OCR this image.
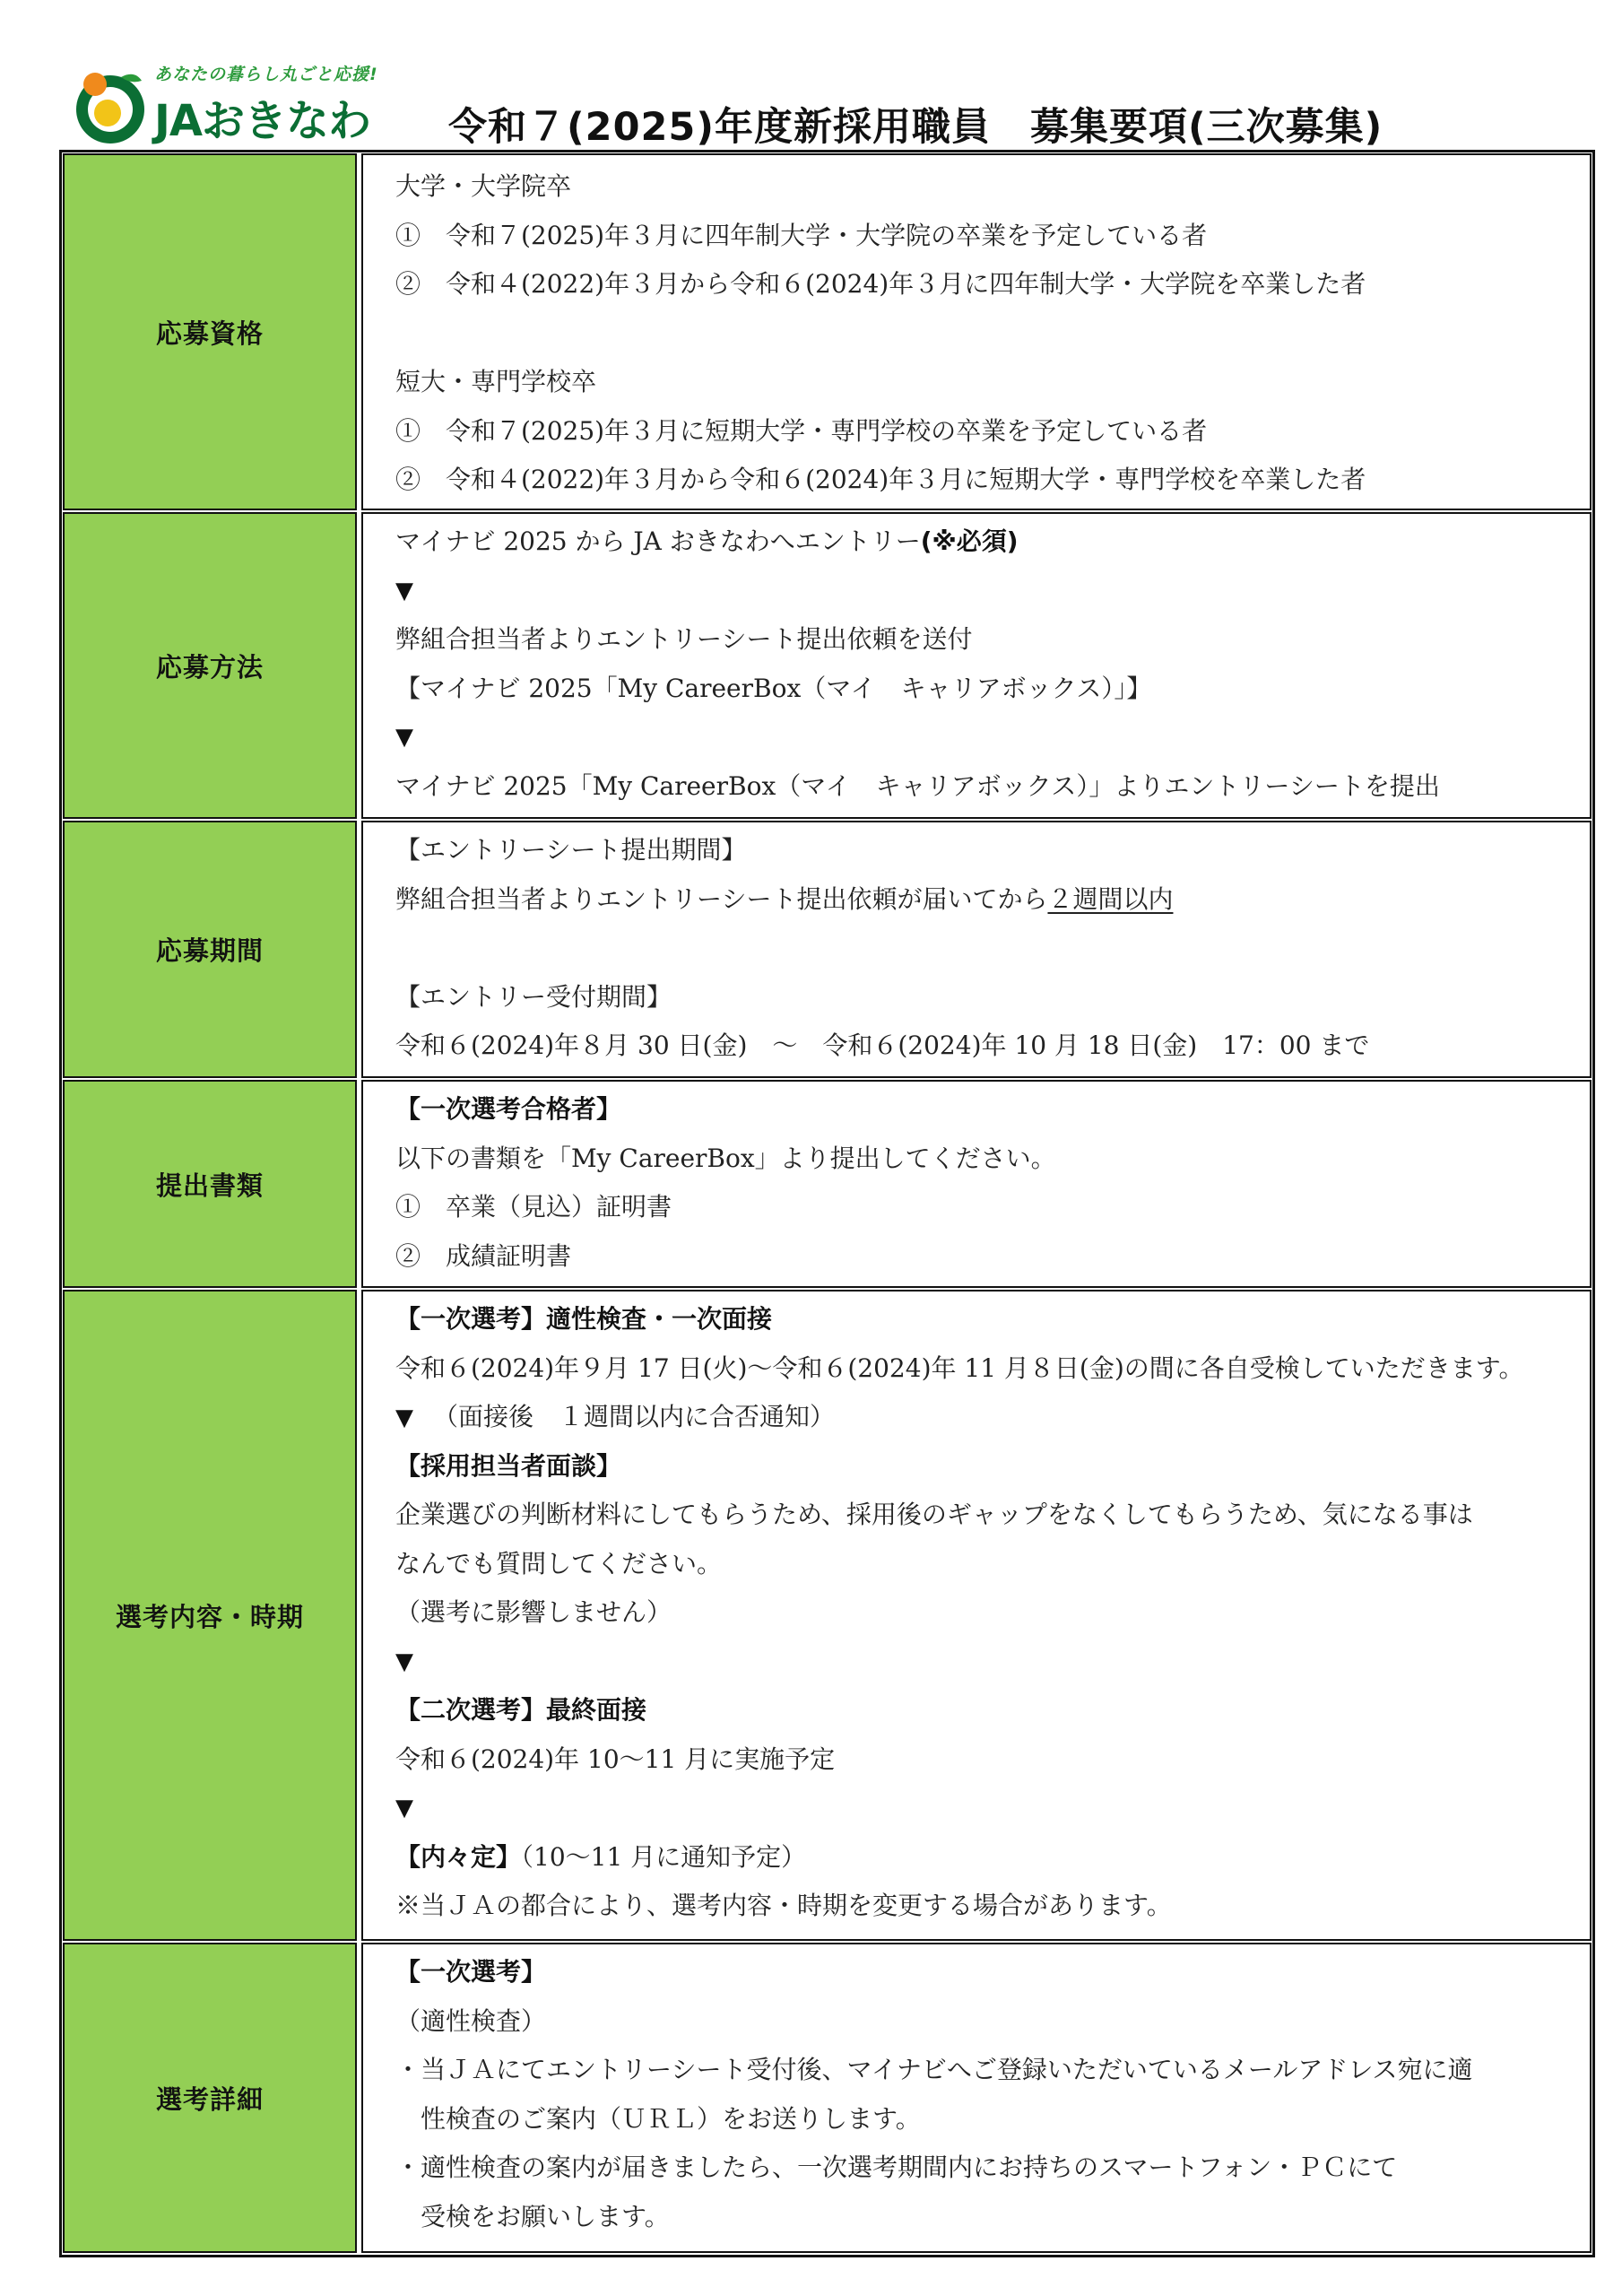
あなたの暮らし丸ごと応援!
JAおきなわ 令和７(2025)年度新採用職員　募集要項(三次募集)
応募資格
大学・大学院卒
①　令和７(2025)年３月に四年制大学・大学院の卒業を予定している者
②　令和４(2022)年３月から令和６(2024)年３月に四年制大学・大学院を卒業した者
短大・専門学校卒
①　令和７(2025)年３月に短期大学・専門学校の卒業を予定している者
②　令和４(2022)年３月から令和６(2024)年３月に短期大学・専門学校を卒業した者
応募方法
マイナビ 2025 から JA おきなわへエントリー(※必須)
▼
弊組合担当者よりエントリーシート提出依頼を送付
【マイナビ 2025「My CareerBox（マイ　キャリアボックス）」】
▼
マイナビ 2025「My CareerBox（マイ　キャリアボックス）」よりエントリーシートを提出
応募期間
【エントリーシート提出期間】
弊組合担当者よりエントリーシート提出依頼が届いてから２週間以内
【エントリー受付期間】
令和６(2024)年８月 30 日(金)　～　令和６(2024)年 10 月 18 日(金)　17：00 まで
提出書類
【一次選考合格者】
以下の書類を「My CareerBox」より提出してください。
①　卒業（見込）証明書
②　成績証明書
選考内容・時期
【一次選考】適性検査・一次面接
令和６(2024)年９月 17 日(火)～令和６(2024)年 11 月８日(金)の間に各自受検していただきます。
▼ （面接後　１週間以内に合否通知）
【採用担当者面談】
企業選びの判断材料にしてもらうため、採用後のギャップをなくしてもらうため、気になる事は
なんでも質問してください。
（選考に影響しません）
▼
【二次選考】最終面接
令和６(2024)年 10～11 月に実施予定
▼
【内々定】（10～11 月に通知予定）
※当ＪＡの都合により、選考内容・時期を変更する場合があります。
選考詳細
【一次選考】
（適性検査）
・当ＪＡにてエントリーシート受付後、マイナビへご登録いただいているメールアドレス宛に適
性検査のご案内（ＵＲＬ）をお送りします。
・適性検査の案内が届きましたら、一次選考期間内にお持ちのスマートフォン・ＰＣにて
受検をお願いします。
